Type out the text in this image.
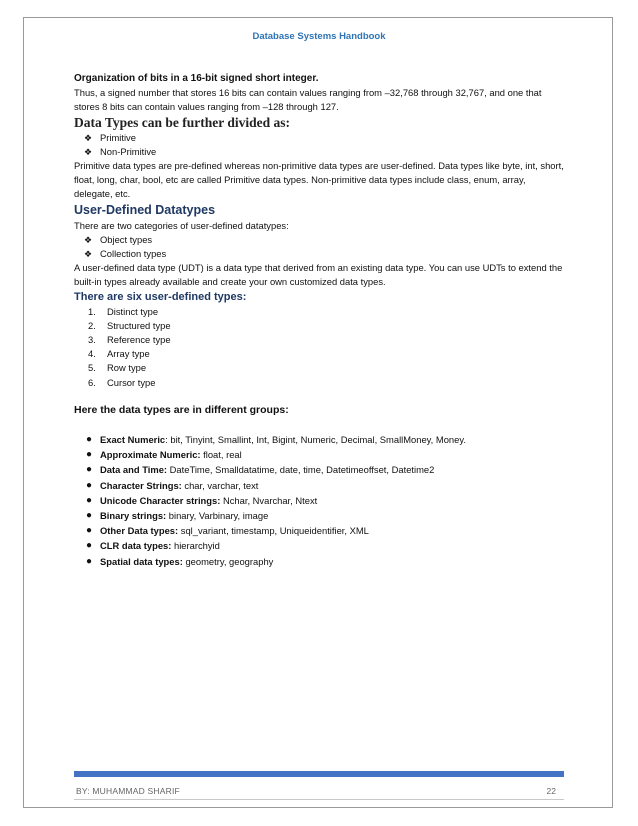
Database Systems Handbook

Organization of bits in a 16-bit signed short integer.

Thus, a signed number that stores 16 bits can contain values ranging from –32,768 through 32,767, and one that stores 8 bits can contain values ranging from –128 through 127.

Data Types can be further divided as:

❖ Primitive
❖ Non-Primitive

Primitive data types are pre-defined whereas non-primitive data types are user-defined. Data types like byte, int, short, float, long, char, bool, etc are called Primitive data types. Non-primitive data types include class, enum, array, delegate, etc.

User-Defined Datatypes

There are two categories of user-defined datatypes:

❖ Object types
❖ Collection types

A user-defined data type (UDT) is a data type that derived from an existing data type. You can use UDTs to extend the built-in types already available and create your own customized data types.

There are six user-defined types:

1.	Distinct type
2.	Structured type
3.	Reference type
4.	Array type
5.	Row type
6.	Cursor type

Here the data types are in different groups:

● Exact Numeric: bit, Tinyint, Smallint, Int, Bigint, Numeric, Decimal, SmallMoney, Money.
● Approximate Numeric: float, real
● Data and Time: DateTime, Smalldatatime, date, time, Datetimeoffset, Datetime2
● Character Strings: char, varchar, text
● Unicode Character strings: Nchar, Nvarchar, Ntext
● Binary strings: binary, Varbinary, image
● Other Data types: sql_variant, timestamp, Uniqueidentifier, XML
● CLR data types: hierarchyid
● Spatial data types: geometry, geography
BY: MUHAMMAD SHARIF	22
